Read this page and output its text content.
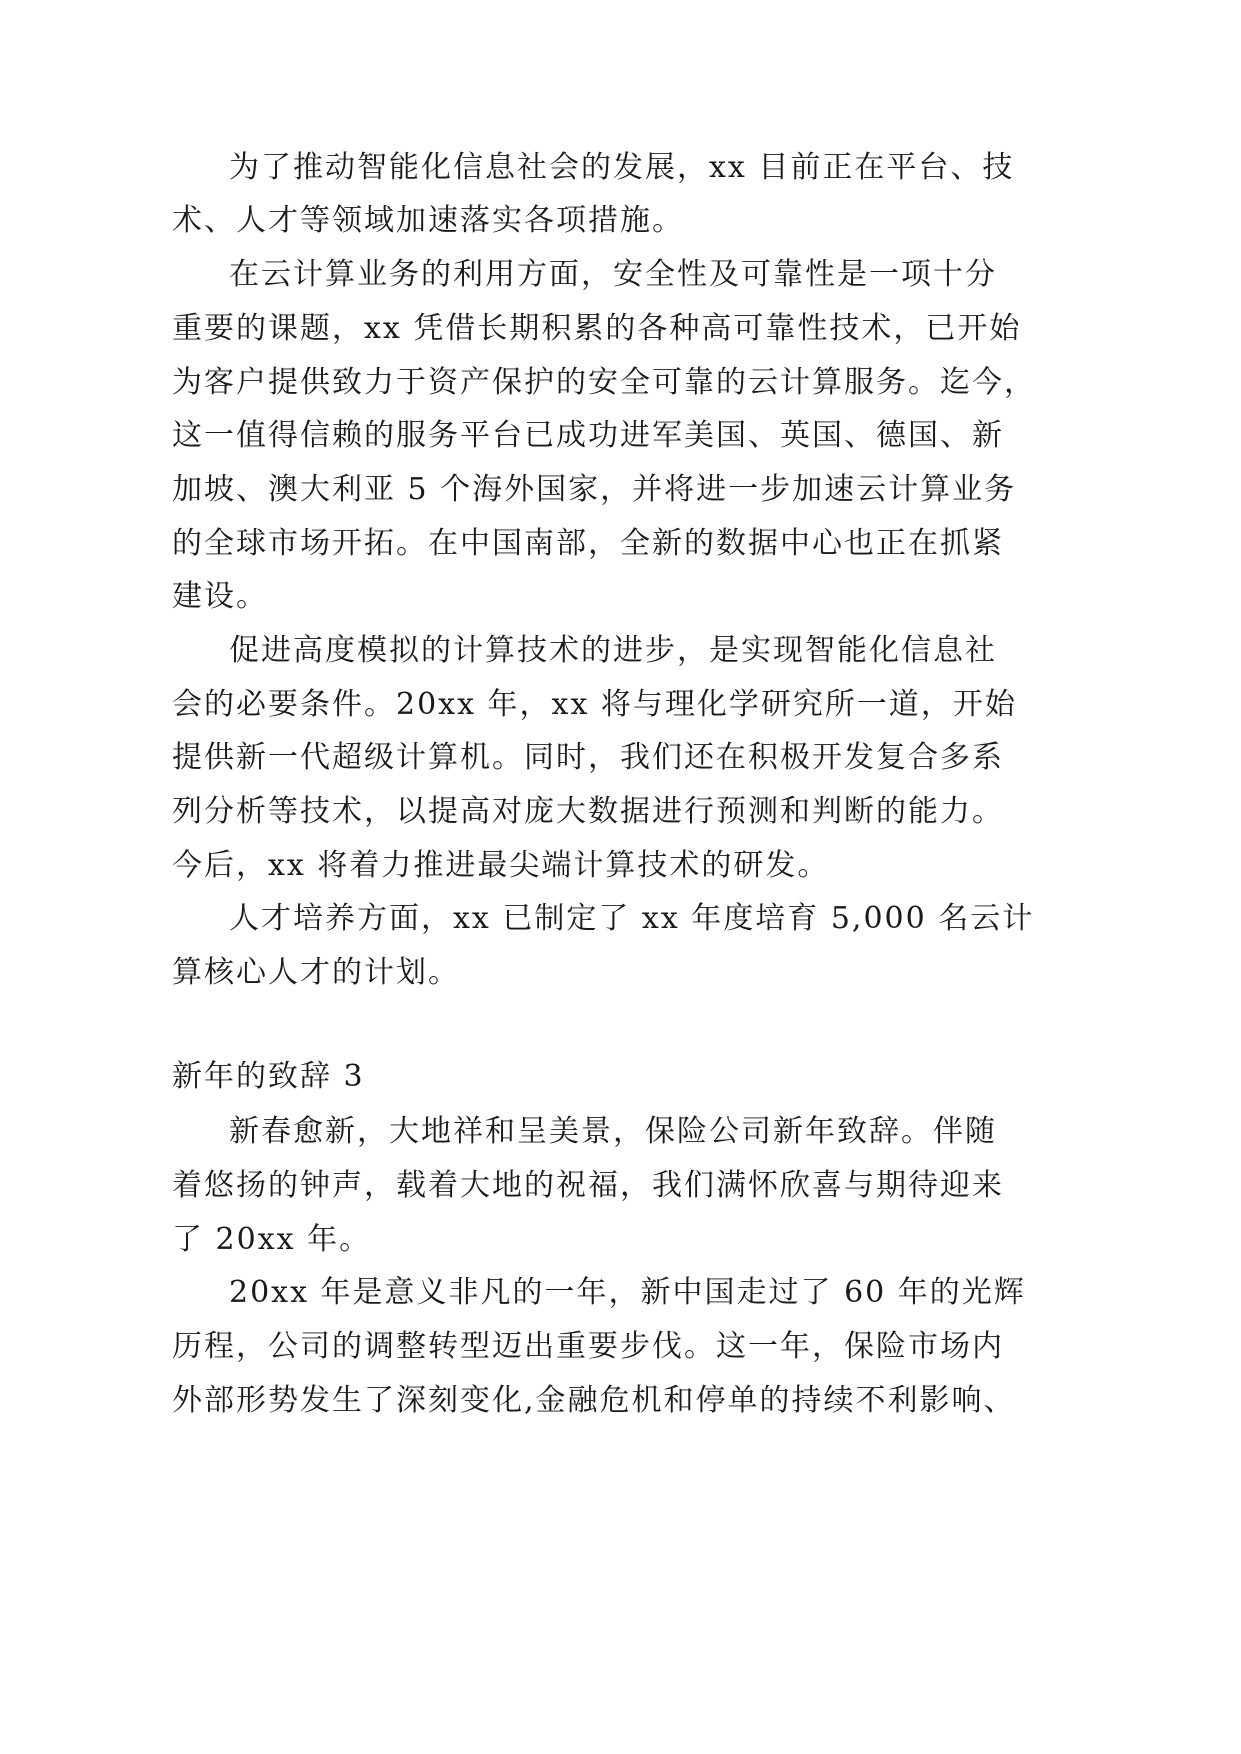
为了推动智能化信息社会的发展，xx 目前正在平台、技
术、人才等领域加速落实各项措施。
在云计算业务的利用方面，安全性及可靠性是一项十分
重要的课题，xx 凭借长期积累的各种高可靠性技术，已开始
为客户提供致力于资产保护的安全可靠的云计算服务。迄今，
这一值得信赖的服务平台已成功进军美国、英国、德国、新
加坡、澳大利亚 5 个海外国家，并将进一步加速云计算业务
的全球市场开拓。在中国南部，全新的数据中心也正在抓紧
建设。
促进高度模拟的计算技术的进步，是实现智能化信息社
会的必要条件。20xx 年，xx 将与理化学研究所一道，开始
提供新一代超级计算机。同时，我们还在积极开发复合多系
列分析等技术，以提高对庞大数据进行预测和判断的能力。
今后，xx 将着力推进最尖端计算技术的研发。
人才培养方面，xx 已制定了 xx 年度培育 5,000 名云计
算核心人才的计划。
新年的致辞 3
新春愈新，大地祥和呈美景，保险公司新年致辞。伴随
着悠扬的钟声，载着大地的祝福，我们满怀欣喜与期待迎来
了 20xx 年。
20xx 年是意义非凡的一年，新中国走过了 60 年的光辉
历程，公司的调整转型迈出重要步伐。这一年，保险市场内
外部形势发生了深刻变化,金融危机和停单的持续不利影响、
